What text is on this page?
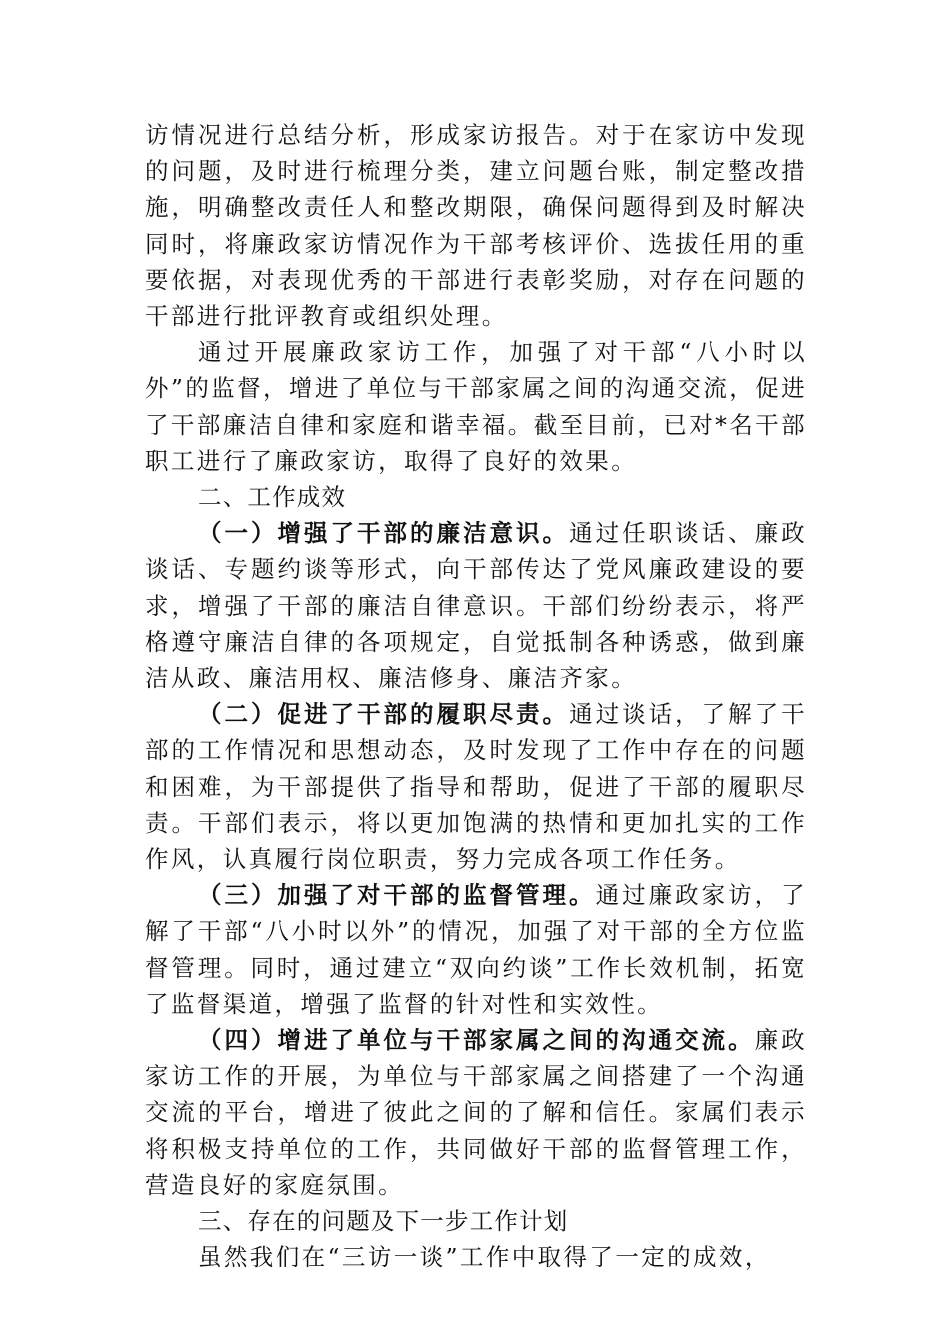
访情况进行总结分析，形成家访报告。对于在家访中发现的问题，及时进行梳理分类，建立问题台账，制定整改措施，明确整改责任人和整改期限，确保问题得到及时解决同时，将廉政家访情况作为干部考核评价、选拔任用的重要依据，对表现优秀的干部进行表彰奖励，对存在问题的干部进行批评教育或组织处理。

通过开展廉政家访工作，加强了对干部“八小时以外”的监督，增进了单位与干部家属之间的沟通交流，促进了干部廉洁自律和家庭和谐幸福。截至目前，已对*名干部职工进行了廉政家访，取得了良好的效果。

二、工作成效

（一）增强了干部的廉洁意识。通过任职谈话、廉政谈话、专题约谈等形式，向干部传达了党风廉政建设的要求，增强了干部的廉洁自律意识。干部们纷纷表示，将严格遵守廉洁自律的各项规定，自觉抵制各种诱惑，做到廉洁从政、廉洁用权、廉洁修身、廉洁齐家。

（二）促进了干部的履职尽责。通过谈话，了解了干部的工作情况和思想动态，及时发现了工作中存在的问题和困难，为干部提供了指导和帮助，促进了干部的履职尽责。干部们表示，将以更加饱满的热情和更加扎实的工作作风，认真履行岗位职责，努力完成各项工作任务。

（三）加强了对干部的监督管理。通过廉政家访，了解了干部“八小时以外”的情况，加强了对干部的全方位监督管理。同时，通过建立“双向约谈”工作长效机制，拓宽了监督渠道，增强了监督的针对性和实效性。

（四）增进了单位与干部家属之间的沟通交流。廉政家访工作的开展，为单位与干部家属之间搭建了一个沟通交流的平台，增进了彼此之间的了解和信任。家属们表示将积极支持单位的工作，共同做好干部的监督管理工作，营造良好的家庭氛围。

三、存在的问题及下一步工作计划

虽然我们在“三访一谈”工作中取得了一定的成效，
